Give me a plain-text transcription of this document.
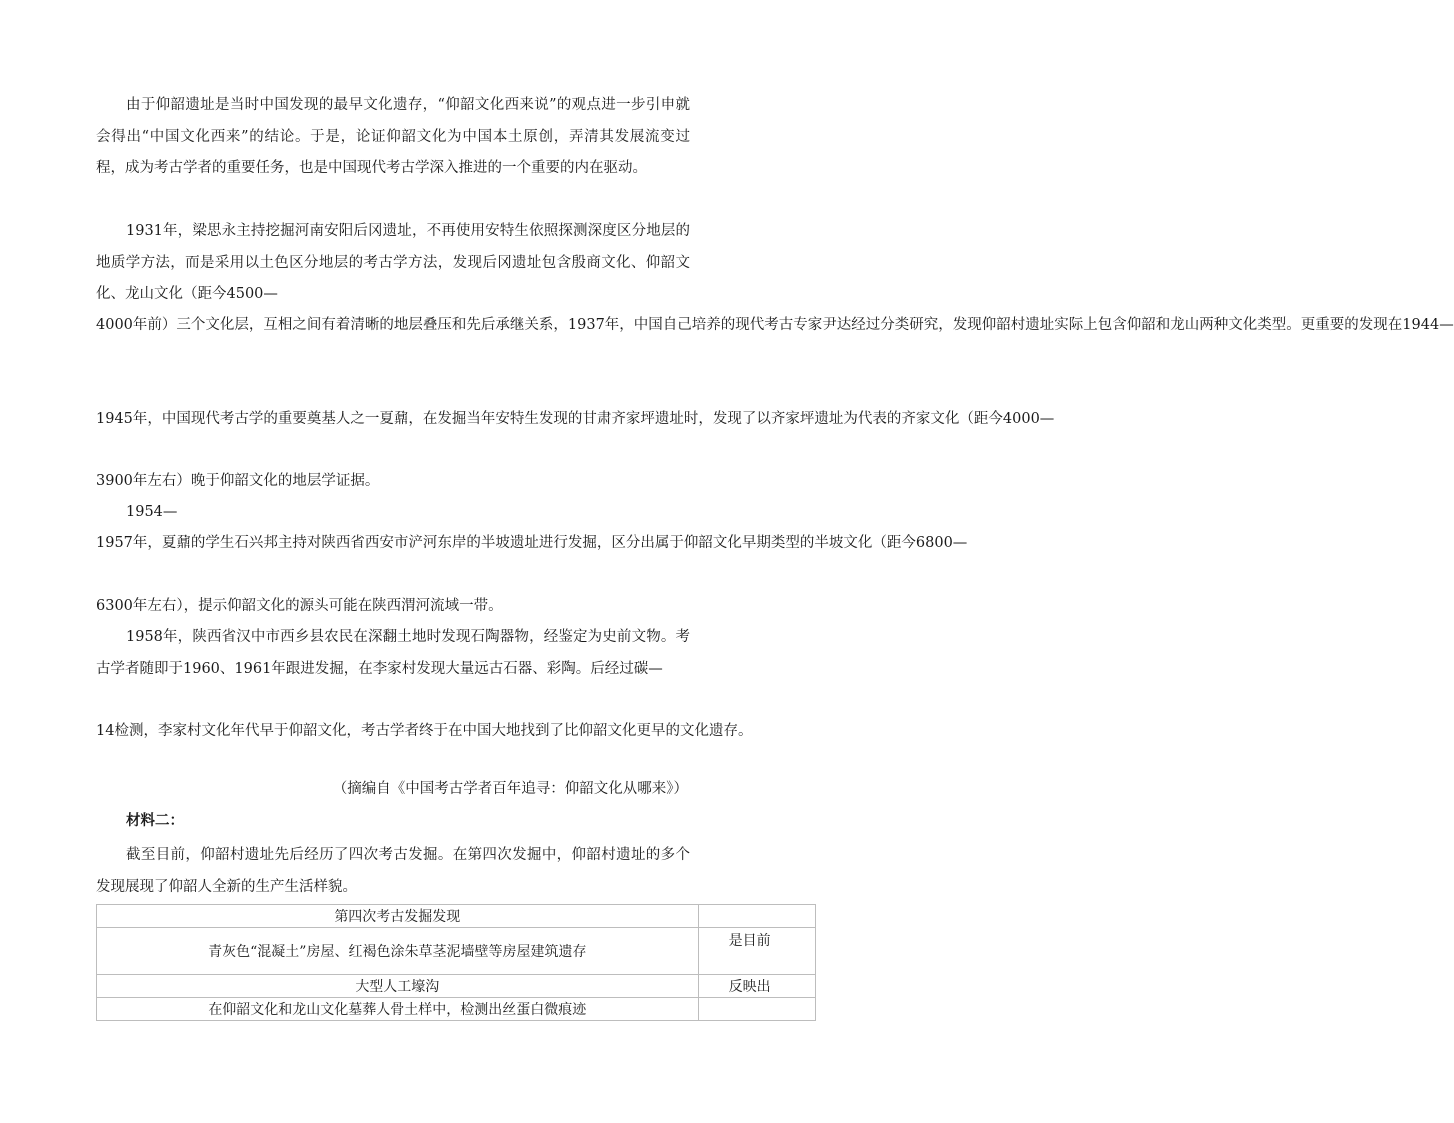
由于仰韶遗址是当时中国发现的最早文化遗存，“仰韶文化西来说”的观点进一步引申就会得出“中国文化西来”的结论。于是，论证仰韶文化为中国本土原创，弄清其发展流变过程，成为考古学者的重要任务，也是中国现代考古学深入推进的一个重要的内在驱动。

1931年，梁思永主持挖掘河南安阳后冈遗址，不再使用安特生依照探测深度区分地层的地质学方法，而是采用以土色区分地层的考古学方法，发现后冈遗址包含殷商文化、仰韶文化、龙山文化（距今4500—

4000年前）三个文化层，互相之间有着清晰的地层叠压和先后承继关系，1937年，中国自己培养的现代考古专家尹达经过分类研究，发现仰韶村遗址实际上包含仰韶和龙山两种文化类型。更重要的发现在1944—

1945年，中国现代考古学的重要奠基人之一夏鼐，在发掘当年安特生发现的甘肃齐家坪遗址时，发现了以齐家坪遗址为代表的齐家文化（距今4000—

3900年左右）晚于仰韶文化的地层学证据。

1954—

1957年，夏鼐的学生石兴邦主持对陕西省西安市浐河东岸的半坡遗址进行发掘，区分出属于仰韶文化早期类型的半坡文化（距今6800—

6300年左右），提示仰韶文化的源头可能在陕西渭河流域一带。

1958年，陕西省汉中市西乡县农民在深翻土地时发现石陶器物，经鉴定为史前文物。考古学者随即于1960、1961年跟进发掘，在李家村发现大量远古石器、彩陶。后经过碳—

14检测，李家村文化年代早于仰韶文化，考古学者终于在中国大地找到了比仰韶文化更早的文化遗存。

（摘编自《中国考古学者百年追寻：仰韶文化从哪来》）
材料二：

截至目前，仰韶村遗址先后经历了四次考古发掘。在第四次发掘中，仰韶村遗址的多个发现展现了仰韶人全新的生产生活样貌。

第四次考古发掘发现	
青灰色“混凝土”房屋、红褐色涂朱草茎泥墙壁等房屋建筑遗存	是目前
大型人工壕沟	反映出
在仰韶文化和龙山文化墓葬人骨土样中，检测出丝蛋白微痕迹	
